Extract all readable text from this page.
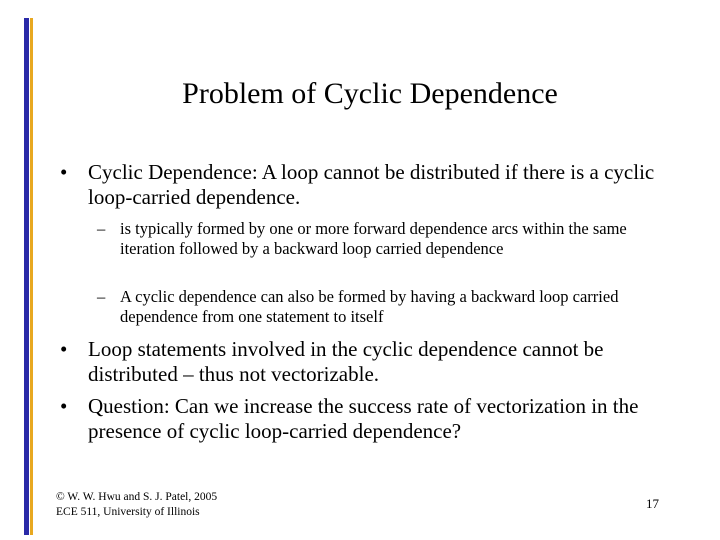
Problem of Cyclic Dependence
• Cyclic Dependence: A loop cannot be distributed if there is a cyclic loop-carried dependence.
– is typically formed by one or more forward dependence arcs within the same iteration followed by a backward loop carried dependence
– A cyclic dependence can also be formed by having a backward loop carried dependence from one statement to itself
• Loop statements involved in the cyclic dependence cannot be distributed – thus not vectorizable.
• Question: Can we increase the success rate of vectorization in the presence of cyclic loop-carried dependence?
© W. W. Hwu and S. J. Patel, 2005
ECE 511, University of Illinois
17
